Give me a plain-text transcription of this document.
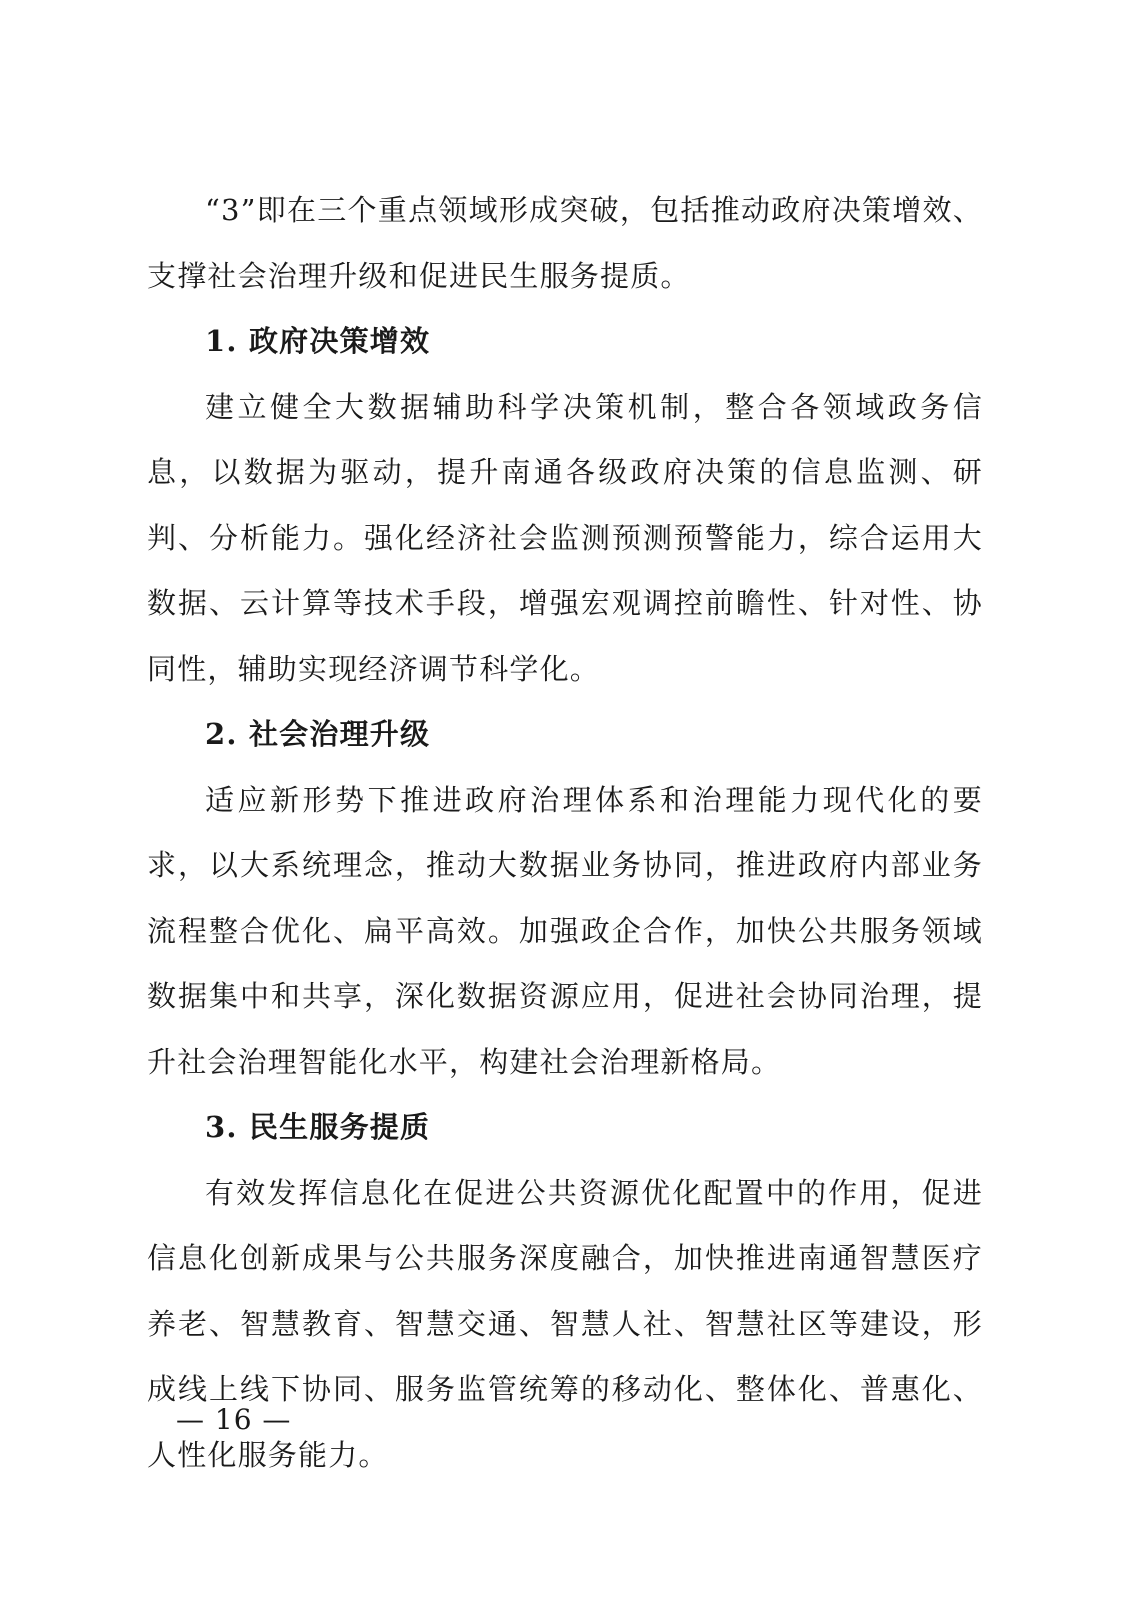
“3”即在三个重点领域形成突破，包括推动政府决策增效、支撑社会治理升级和促进民生服务提质。

1. 政府决策增效

建立健全大数据辅助科学决策机制，整合各领域政务信息，以数据为驱动，提升南通各级政府决策的信息监测、研判、分析能力。强化经济社会监测预测预警能力，综合运用大数据、云计算等技术手段，增强宏观调控前瞻性、针对性、协同性，辅助实现经济调节科学化。

2. 社会治理升级

适应新形势下推进政府治理体系和治理能力现代化的要求，以大系统理念，推动大数据业务协同，推进政府内部业务流程整合优化、扁平高效。加强政企合作，加快公共服务领域数据集中和共享，深化数据资源应用，促进社会协同治理，提升社会治理智能化水平，构建社会治理新格局。

3. 民生服务提质

有效发挥信息化在促进公共资源优化配置中的作用，促进信息化创新成果与公共服务深度融合，加快推进南通智慧医疗养老、智慧教育、智慧交通、智慧人社、智慧社区等建设，形成线上线下协同、服务监管统筹的移动化、整体化、普惠化、人性化服务能力。

— 16 —
